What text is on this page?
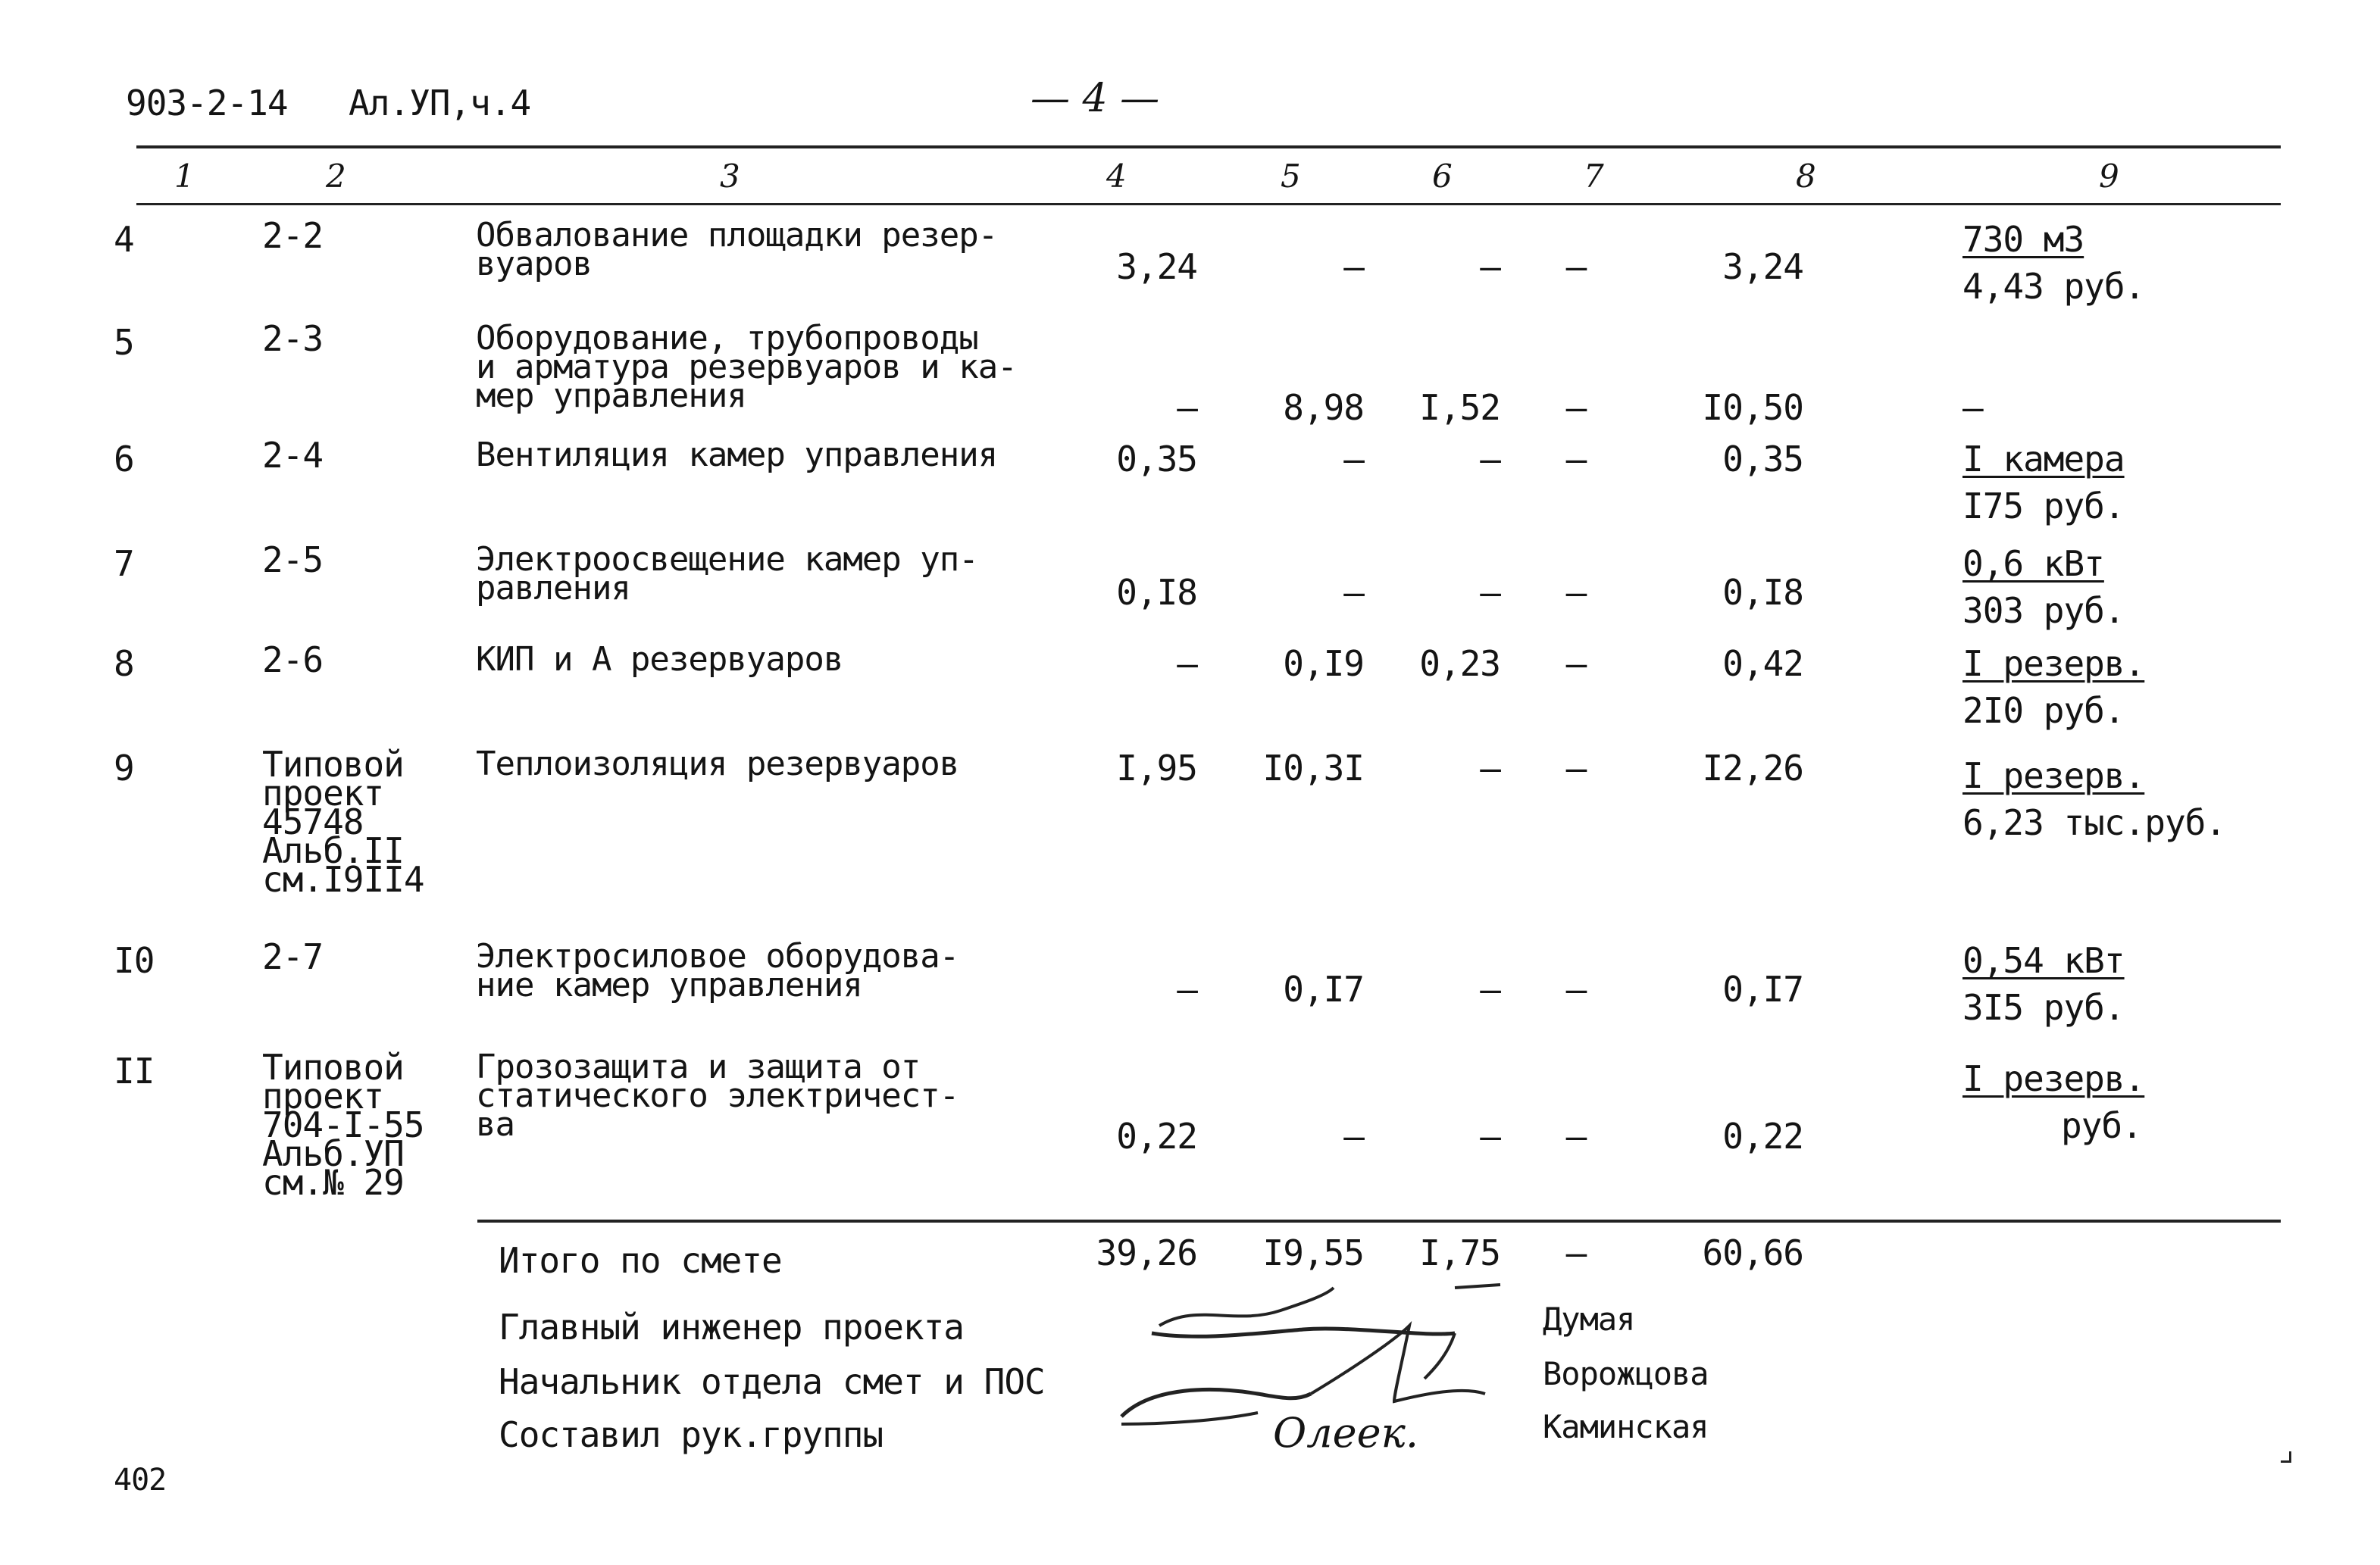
903-2-14 Ал.УП,ч.4	— 4 —
1	2	3	4	5	6	7	8	9
4	2-2	Обвалование площадки резер-
вуаров	3,24	–	–	–	3,24
730 м3
4,43 руб.
5	2-3	Оборудование, трубопроводы
и арматура резервуаров и ка-
мер управления	–	8,98	I,52	–	I0,50	–
6	2-4	Вентиляция камер управления	0,35	–	–	–	0,35	I камера
I75 руб.
7	2-5	Электроосвещение камер уп-
равления	0,I8	–	–	–	0,I8
0,6 кВт
303 руб.
8	2-6	КИП и А резервуаров	–	0,I9	0,23	–	0,42	I резерв.
2I0 руб.
9	Типовой
проект
45748
Альб.II
см.I9II4
Теплоизоляция резервуаров	I,95	I0,3I	–	–	I2,26	I резерв.
6,23 тыс.руб.
I0	2-7	Электросиловое оборудова-
ние камер управления	–	0,I7	–	–	0,I7
0,54 кВт
3I5 руб.
II	Типовой
проект
704-I-55
Альб.УП
см.№ 29
Грозозащита и защита от
статического электричест-
ва	0,22	–	–	–	0,22
I резерв.
руб.
Итого по смете	39,26	I9,55	I,75	–	60,66
Главный инженер проекта	Думая
Начальник отдела смет и ПОС	Ворожцова
Составил рук.группы	Каминская
Олеек.
402
